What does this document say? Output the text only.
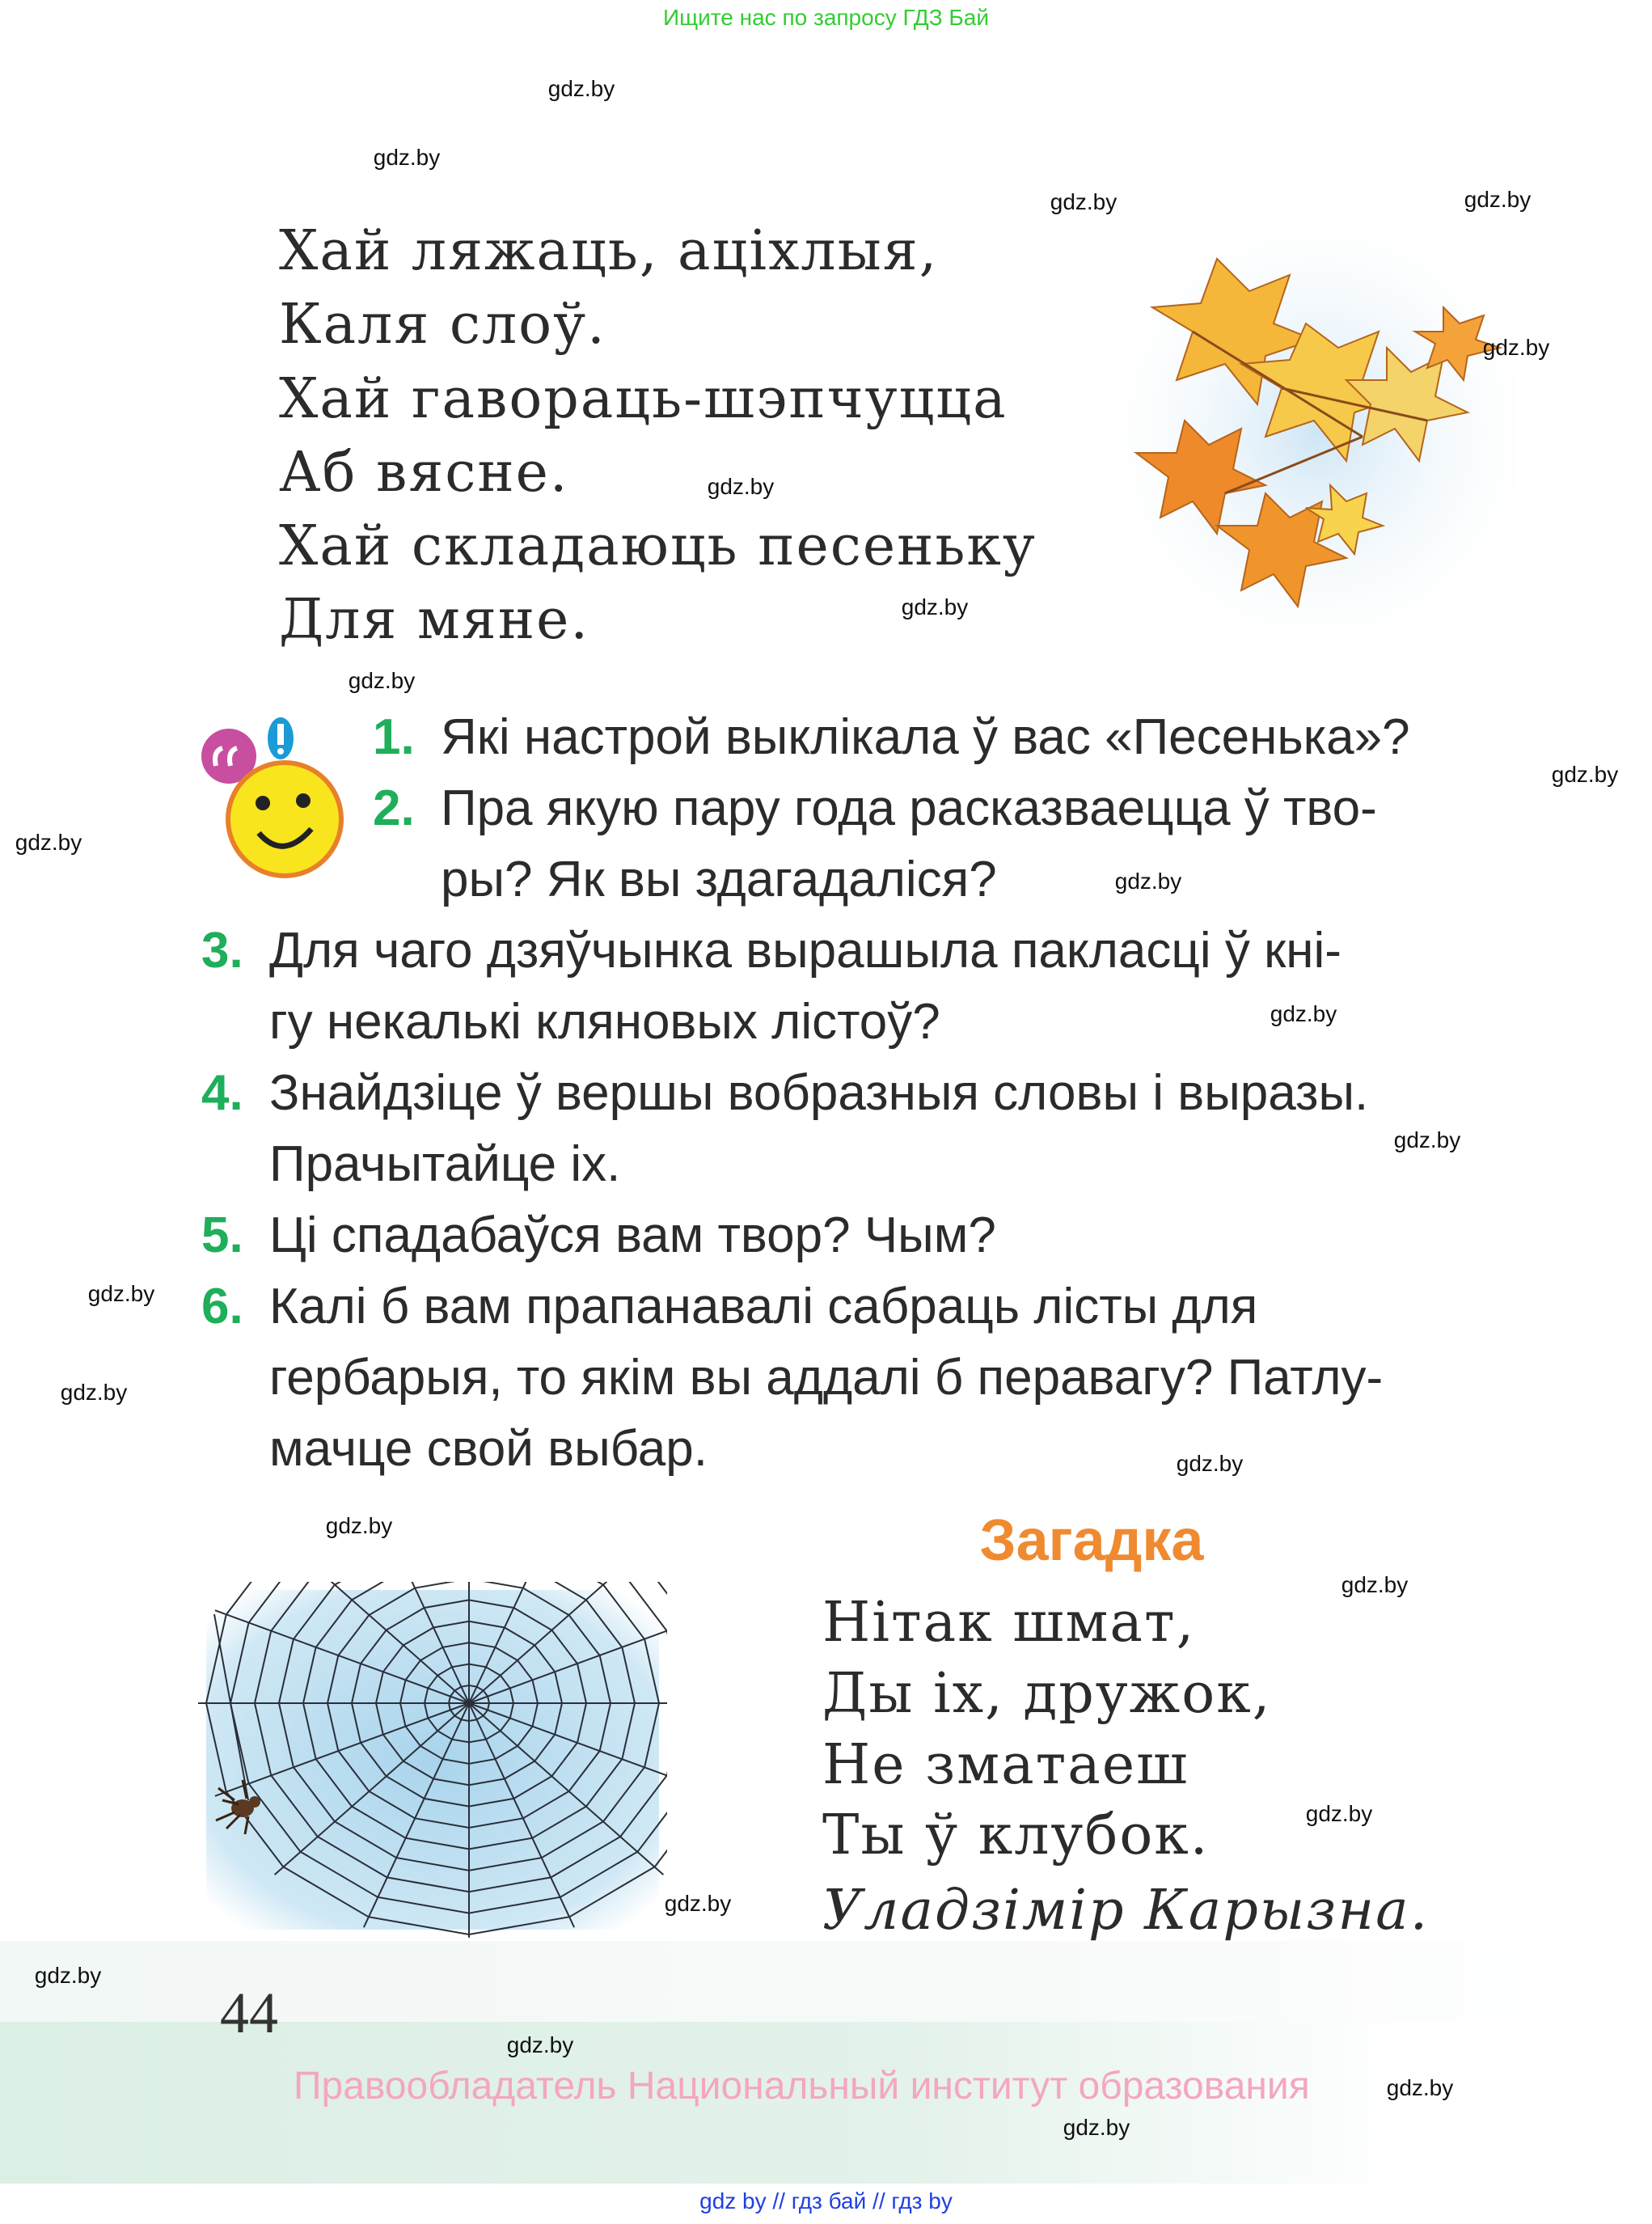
Ищите нас по запросу ГДЗ Бай
Хай ляжаць, аціхлыя,
Каля слоў.
Хай гавораць-шэпчуцца
Аб вясне.
Хай складаюць песеньку
Для мяне.
1. Які настрой выклікала ў вас «Песенька»?
2. Пра якую пару года расказваецца ў тво-
ры? Як вы здагадаліся?
3. Для чаго дзяўчынка вырашыла пакласці ў кні-
гу некалькі кляновых лістоў?
4. Знайдзіце ў вершы вобразныя словы і выразы.
Прачытайце іх.
5. Ці спадабаўся вам твор? Чым?
6. Калі б вам прапанавалі сабраць лісты для
гербарыя, то якім вы аддалі б перавагу? Патлу-
мачце свой выбар.
Загадка
Нітак шмат,
Ды іх, дружок,
Не зматаеш
Ты ў клубок.
Уладзімір Карызна.
44
Правообладатель Национальный институт образования
gdz by // гдз бай // гдз by
gdz.by
gdz.by
gdz.by
gdz.by
gdz.by
gdz.by
gdz.by
gdz.by
gdz.by
gdz.by
gdz.by
gdz.by
gdz.by
gdz.by
gdz.by
gdz.by
gdz.by
gdz.by
gdz.by
gdz.by
gdz.by
gdz.by
gdz.by
gdz.by
